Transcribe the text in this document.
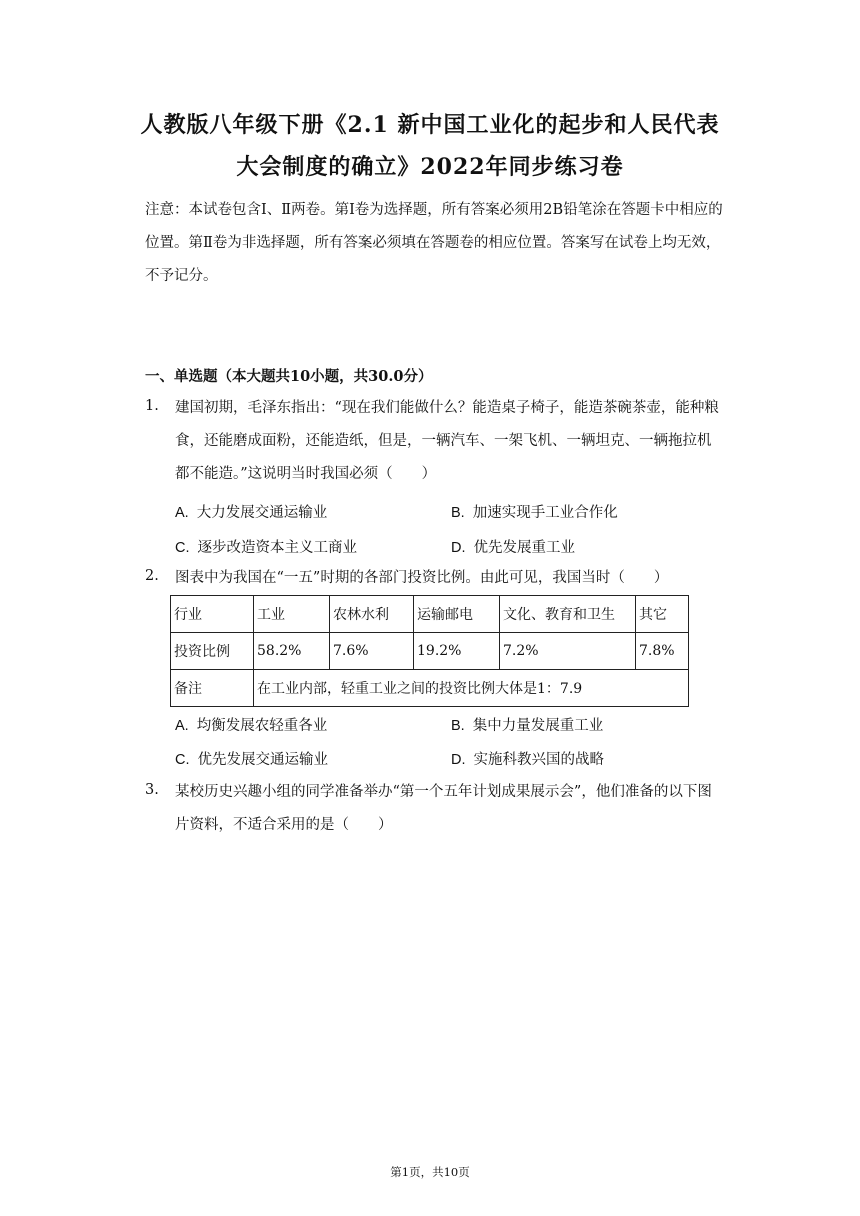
人教版八年级下册《2.1 新中国工业化的起步和人民代表
大会制度的确立》2022年同步练习卷

注意：本试卷包含Ⅰ、Ⅱ两卷。第Ⅰ卷为选择题，所有答案必须用2B铅笔涂在答题卡中相应的位置。第Ⅱ卷为非选择题，所有答案必须填在答题卷的相应位置。答案写在试卷上均无效，不予记分。

一、单选题（本大题共10小题，共30.0分）
1. 建国初期，毛泽东指出：“现在我们能做什么？能造桌子椅子，能造茶碗茶壶，能种粮食，还能磨成面粉，还能造纸，但是，一辆汽车、一架飞机、一辆坦克、一辆拖拉机都不能造。”这说明当时我国必须（　　）

A. 大力发展交通运输业	B. 加速实现手工业合作化
C. 逐步改造资本主义工商业	D. 优先发展重工业
2. 图表中为我国在“一五”时期的各部门投资比例。由此可见，我国当时（　　）

行业	工业	农林水利	运输邮电	文化、教育和卫生	其它
投资比例	58.2%	7.6%	19.2%	7.2%	7.8%
备注	在工业内部，轻重工业之间的投资比例大体是1：7.9				
A. 均衡发展农轻重各业	B. 集中力量发展重工业
C. 优先发展交通运输业	D. 实施科教兴国的战略
3. 某校历史兴趣小组的同学准备举办“第一个五年计划成果展示会”，他们准备的以下图片资料，不适合采用的是（　　）

第1页，共10页
